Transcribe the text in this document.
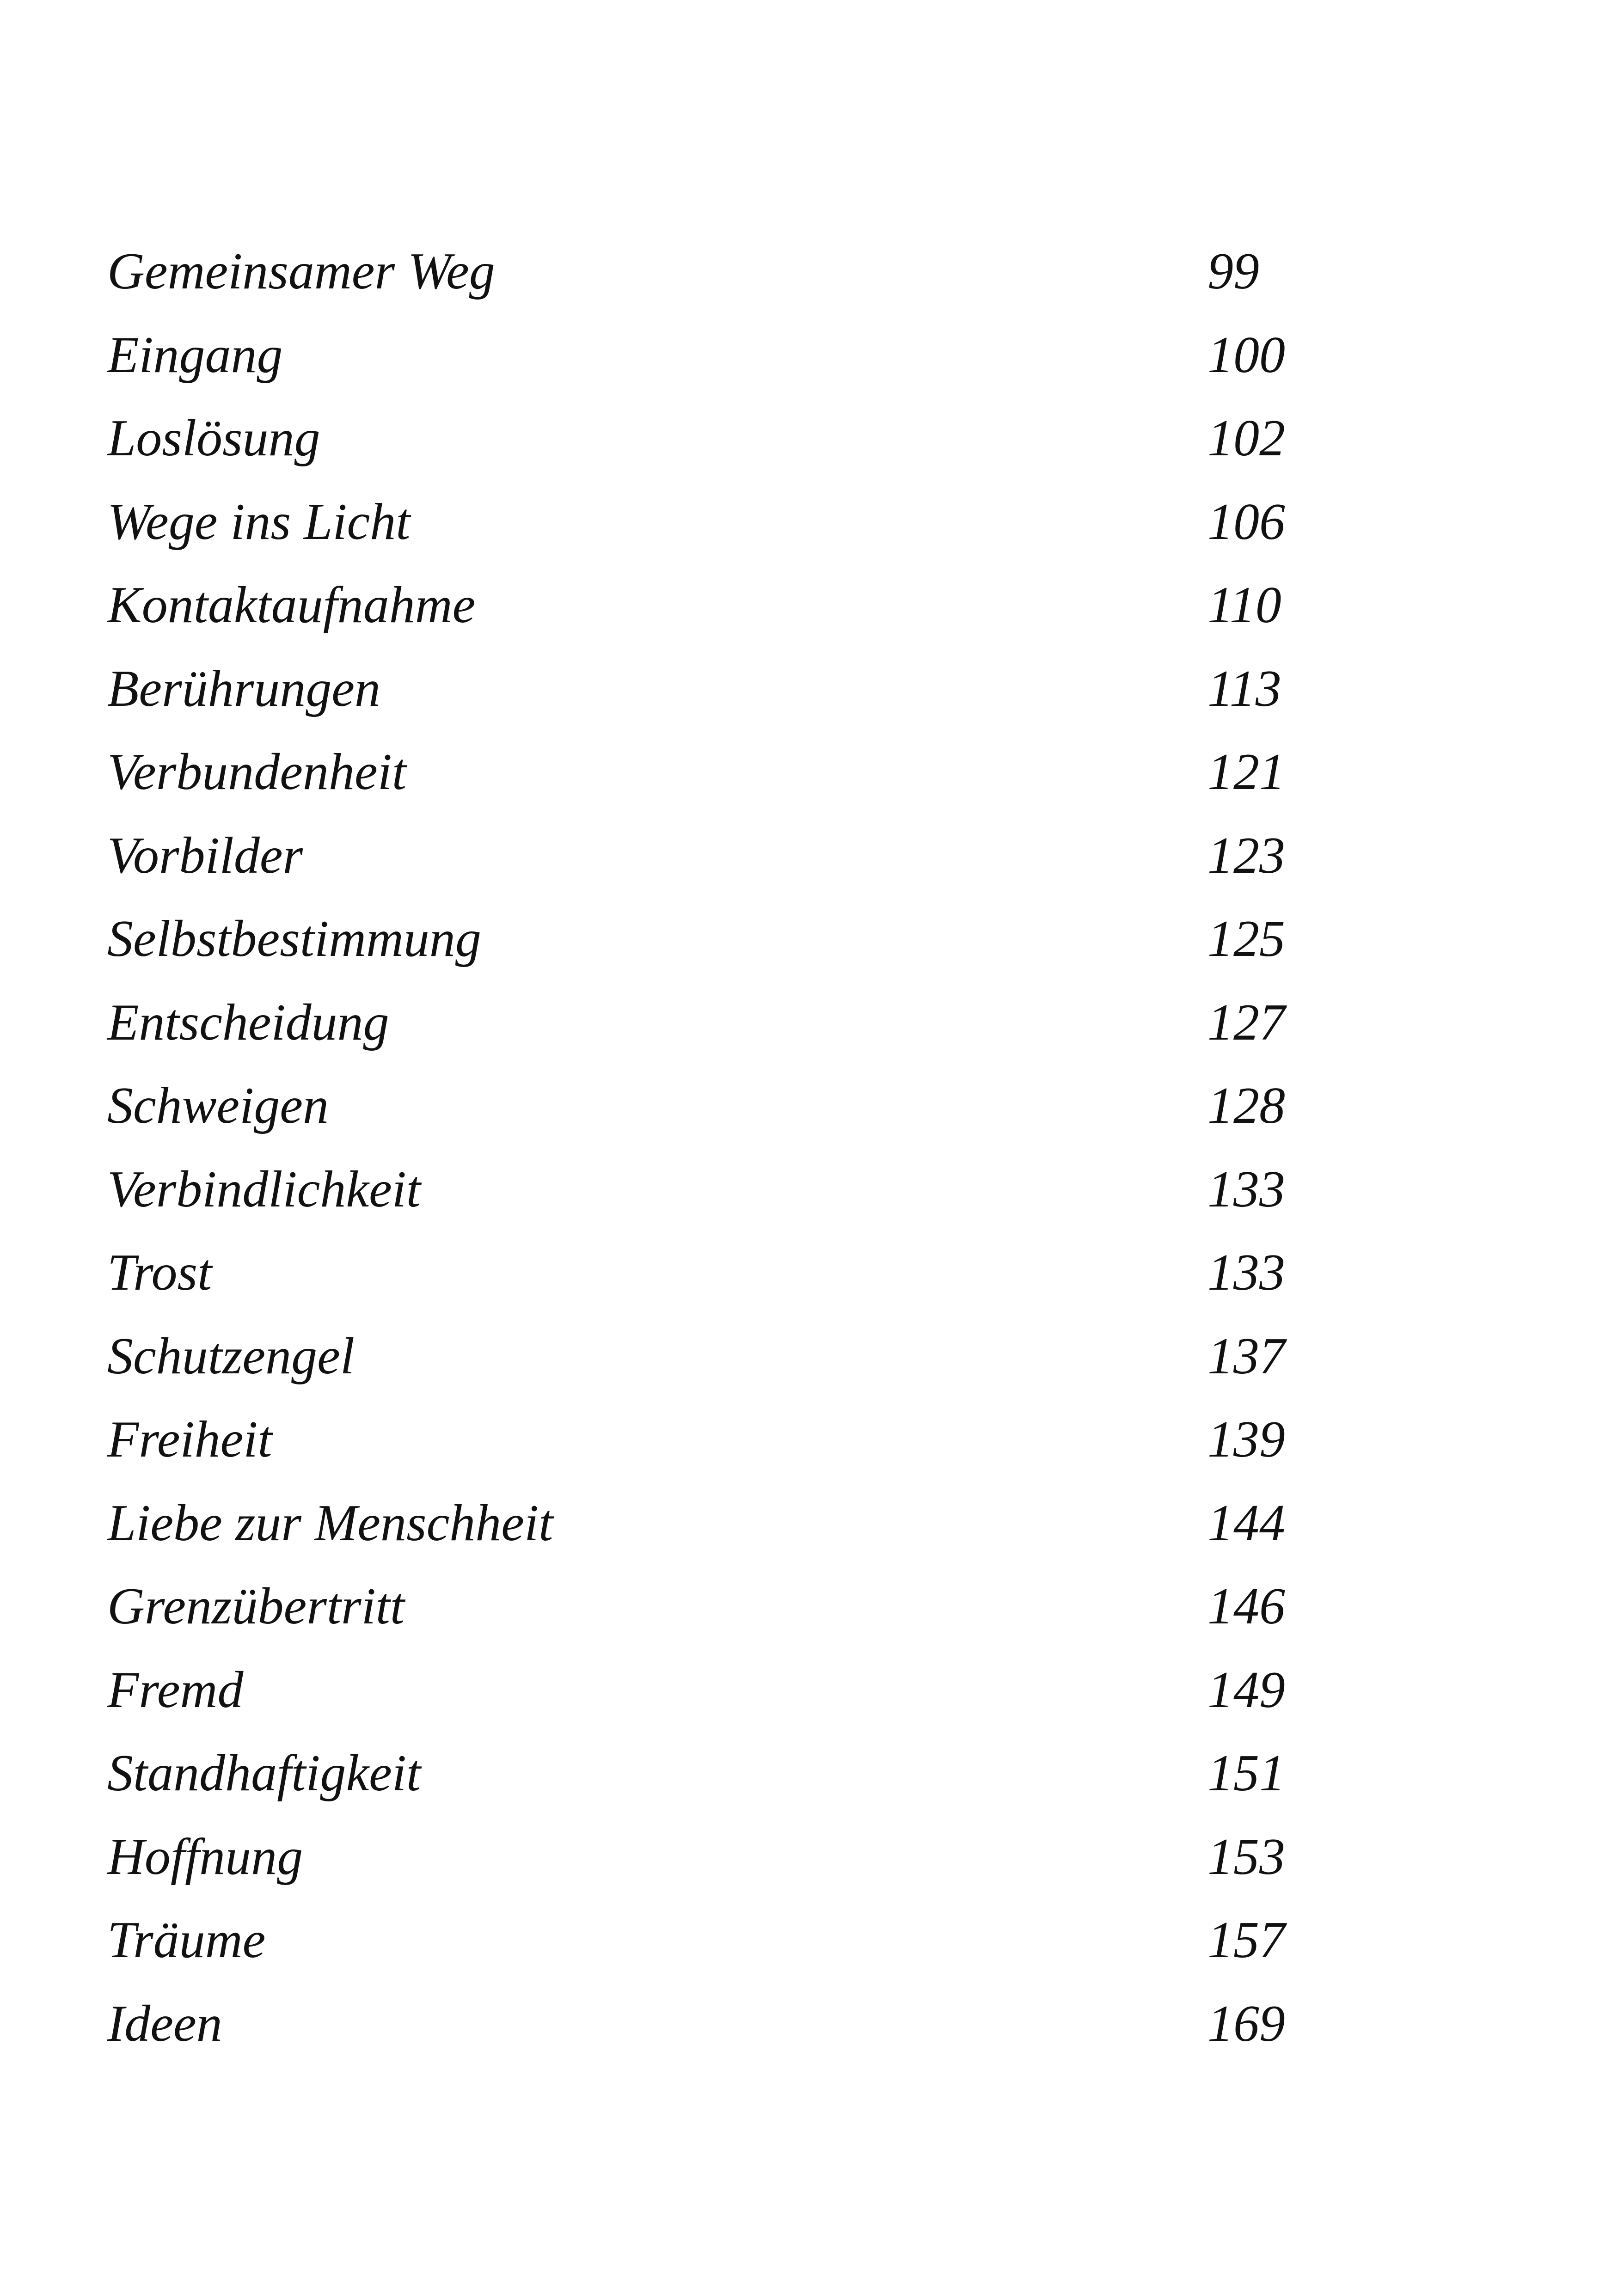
Gemeinsamer Weg	99
Eingang	100
Loslösung	102
Wege ins Licht	106
Kontaktaufnahme	110
Berührungen	113
Verbundenheit	121
Vorbilder	123
Selbstbestimmung	125
Entscheidung	127
Schweigen	128
Verbindlichkeit	133
Trost	133
Schutzengel	137
Freiheit	139
Liebe zur Menschheit	144
Grenzübertritt	146
Fremd	149
Standhaftigkeit	151
Hoffnung	153
Träume	157
Ideen	169
